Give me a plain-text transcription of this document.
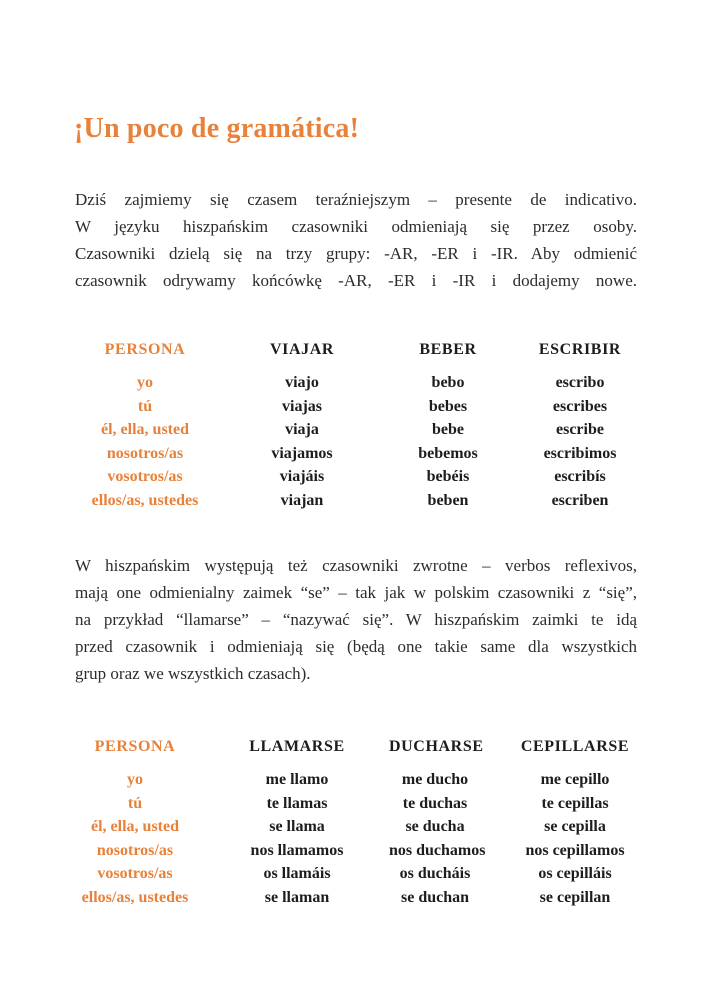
¡Un poco de gramática!
Dziś zajmiemy się czasem teraźniejszym – presente de indicativo.
W języku hiszpańskim czasowniki odmieniają się przez osoby.
Czasowniki dzielą się na trzy grupy: -AR, -ER i -IR. Aby odmienić
czasownik odrywamy końcówkę -AR, -ER i -IR i dodajemy nowe.
PERSONA	VIAJAR	BEBER	ESCRIBIR
yo	viajo	bebo	escribo
tú	viajas	bebes	escribes
él, ella, usted	viaja	bebe	escribe
nosotros/as	viajamos	bebemos	escribimos
vosotros/as	viajáis	bebéis	escribís
ellos/as, ustedes	viajan	beben	escriben
W hiszpańskim występują też czasowniki zwrotne – verbos reflexivos,
mają one odmienialny zaimek “se” – tak jak w polskim czasowniki z “się”,
na przykład “llamarse” – “nazywać się”. W hiszpańskim zaimki te idą
przed czasownik i odmieniają się (będą one takie same dla wszystkich
grup oraz we wszystkich czasach).
PERSONA	LLAMARSE	DUCHARSE	CEPILLARSE
yo	me llamo	me ducho	me cepillo
tú	te llamas	te duchas	te cepillas
él, ella, usted	se llama	se ducha	se cepilla
nosotros/as	nos llamamos	nos duchamos	nos cepillamos
vosotros/as	os llamáis	os ducháis	os cepilláis
ellos/as, ustedes	se llaman	se duchan	se cepillan
